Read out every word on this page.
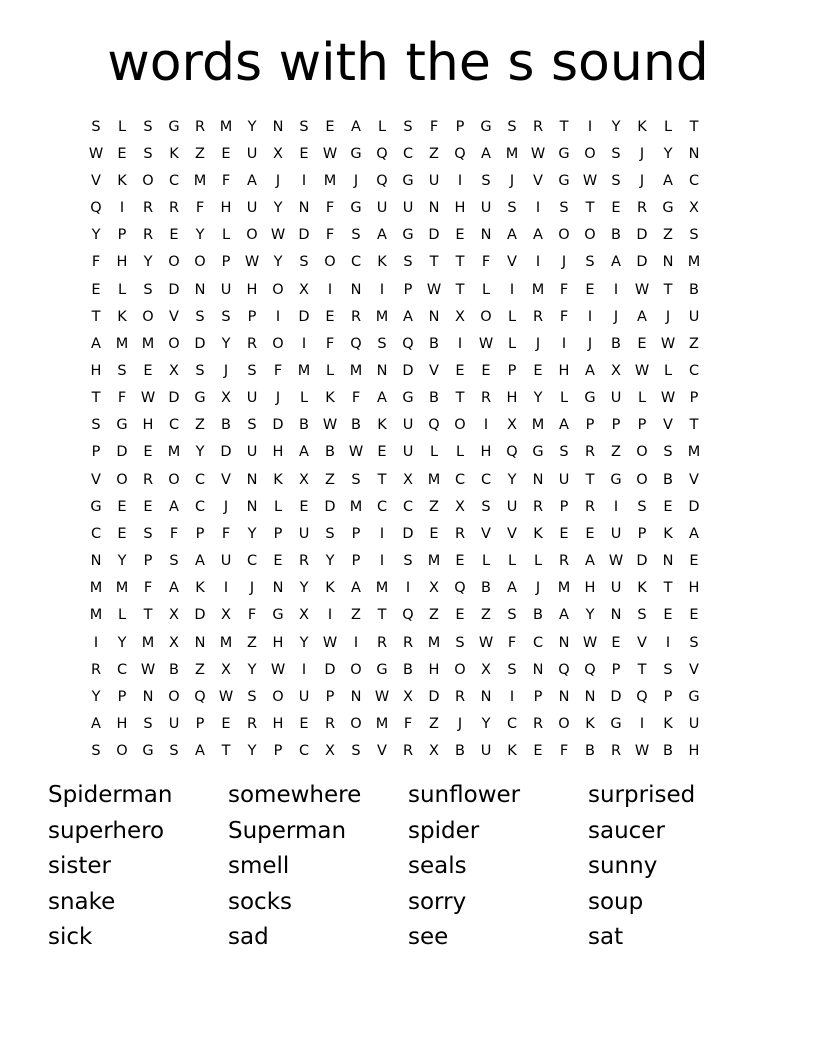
words with the s sound
S	L	S	G	R	M	Y	N	S	E	A	L	S	F	P	G	S	R	T	I	Y	K	L	T
W E	S	K	Z	E	U	X	E W G	Q	C	Z	Q	A	M W G	O	S	J	Y	N
V	K	O	C	M	F	A	J	I	M	J	Q	G	U	I	S	J	V	G W S	J	A	C
Q	I	R	R	F	H	U	Y	N	F	G	U	U	N	H	U	S	I	S	T	E	R	G	X
Y	P	R	E	Y	L	O W D	F	S	A	G	D	E	N	A	A	O	O	B	D	Z	S
F	H	Y	O	O	P W Y	S	O	C	K	S	T	T	F	V	I	J	S	A	D	N M
E	L	S	D	N	U	H	O	X	I	N	I	P W T	L	I	M	F	E	I	W T	B
T	K	O	V	S	S	P	I	D	E	R	M	A	N	X	O	L	R	F	I	J	A	J	U
A	M M O	D	Y	R	O	I	F	Q	S	Q	B	I	W	L	J	I	J	B	E W Z
H	S	E	X	S	J	S	F	M	L	M N	D	V	E	E	P	E	H	A	X W	L	C
T	F	W D	G	X	U	J	L	K	F	A	G	B	T	R	H	Y	L	G	U	L	W P
S	G	H	C	Z	B	S	D	B W B	K	U	Q	O	I	X	M	A	P	P	P	V	T
P	D	E	M	Y	D	U	H	A	B W E	U	L	L	H	Q	G	S	R	Z	O	S	M
V	O	R	O	C	V	N	K	X	Z	S	T	X	M	C	C	Y	N	U	T	G	O	B	V
G	E	E	A	C	J	N	L	E	D M	C	C	Z	X	S	U	R	P	R	I	S	E	D
C	E	S	F	P	F	Y	P	U	S	P	I	D	E	R	V	V	K	E	E	U	P	K	A
N	Y	P	S	A	U	C	E	R	Y	P	I	S	M	E	L	L	L	R	A W D	N	E
M M	F	A	K	I	J	N	Y	K	A	M	I	X	Q	B	A	J	M H	U	K	T	H
M	L	T	X	D	X	F	G	X	I	Z	T	Q	Z	E	Z	S	B	A	Y	N	S	E	E
I	Y	M	X	N M	Z	H	Y W	I	R	R	M	S W	F	C	N W E	V	I	S
R	C W B	Z	X	Y W	I	D	O	G	B	H	O	X	S	N	Q	Q	P	T	S	V
Y	P	N	O	Q W S	O	U	P	N W X	D	R	N	I	P	N	N	D	Q	P	G
A	H	S	U	P	E	R	H	E	R	O M	F	Z	J	Y	C	R	O	K	G	I	K	U
S	O	G	S	A	T	Y	P	C	X	S	V	R	X	B	U	K	E	F	B	R W B	H
Spiderman
superhero
sister
snake
sick
somewhere
Superman
smell
socks
sad
sunflower
spider
seals
sorry
see
surprised
saucer
sunny
soup
sat
